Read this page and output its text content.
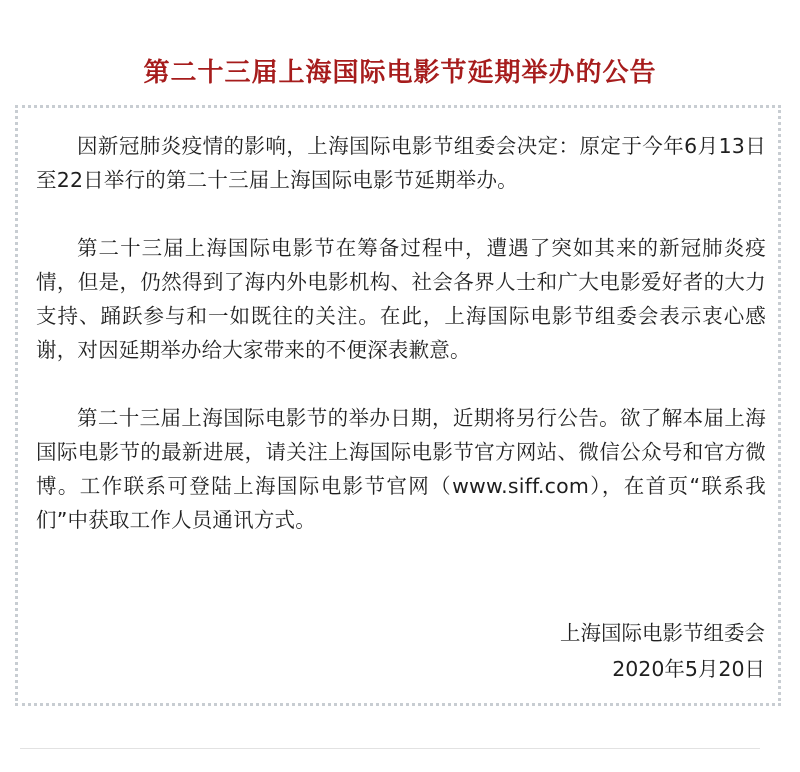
第二十三届上海国际电影节延期举办的公告

因新冠肺炎疫情的影响，上海国际电影节组委会决定：原定于今年6月13日至22日举行的第二十三届上海国际电影节延期举办。

第二十三届上海国际电影节在筹备过程中，遭遇了突如其来的新冠肺炎疫情，但是，仍然得到了海内外电影机构、社会各界人士和广大电影爱好者的大力支持、踊跃参与和一如既往的关注。在此，上海国际电影节组委会表示衷心感谢，对因延期举办给大家带来的不便深表歉意。

第二十三届上海国际电影节的举办日期，近期将另行公告。欲了解本届上海国际电影节的最新进展，请关注上海国际电影节官方网站、微信公众号和官方微博。工作联系可登陆上海国际电影节官网（www.siff.com），在首页“联系我们”中获取工作人员通讯方式。

上海国际电影节组委会
2020年5月20日
